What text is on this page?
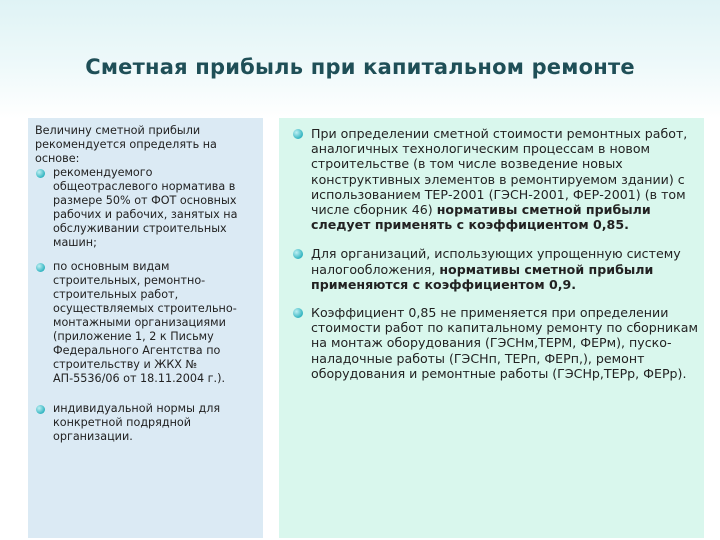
Сметная прибыль при капитальном ремонте
Величину сметной прибыли рекомендуется определять на основе:
рекомендуемого общеотраслевого норматива в размере 50% от ФОТ основных рабочих и рабочих, занятых на обслуживании строительных машин;
по основным видам строительных, ремонтно-строительных работ, осуществляемых строительно-монтажными организациями (приложение 1, 2 к Письму Федерального Агентства по строительству и ЖКХ № АП-5536/06 от 18.11.2004 г.).
индивидуальной нормы для конкретной подрядной организации.
При определении сметной стоимости ремонтных работ, аналогичных технологическим процессам в новом строительстве (в том числе возведение новых конструктивных элементов в ремонтируемом здании) с использованием ТЕР-2001 (ГЭСН-2001, ФЕР-2001) (в том числе сборник 46) нормативы сметной прибыли следует применять с коэффициентом 0,85.
Для организаций, использующих упрощенную систему налогообложения, нормативы сметной прибыли применяются с коэффициентом 0,9.
Коэффициент 0,85 не применяется при определении стоимости работ по капитальному ремонту по сборникам на монтаж оборудования (ГЭСНм,ТЕРМ, ФЕРм), пуско-наладочные работы (ГЭСНп, ТЕРп, ФЕРп,), ремонт оборудования и ремонтные работы (ГЭСНр,ТЕРр, ФЕРр).
